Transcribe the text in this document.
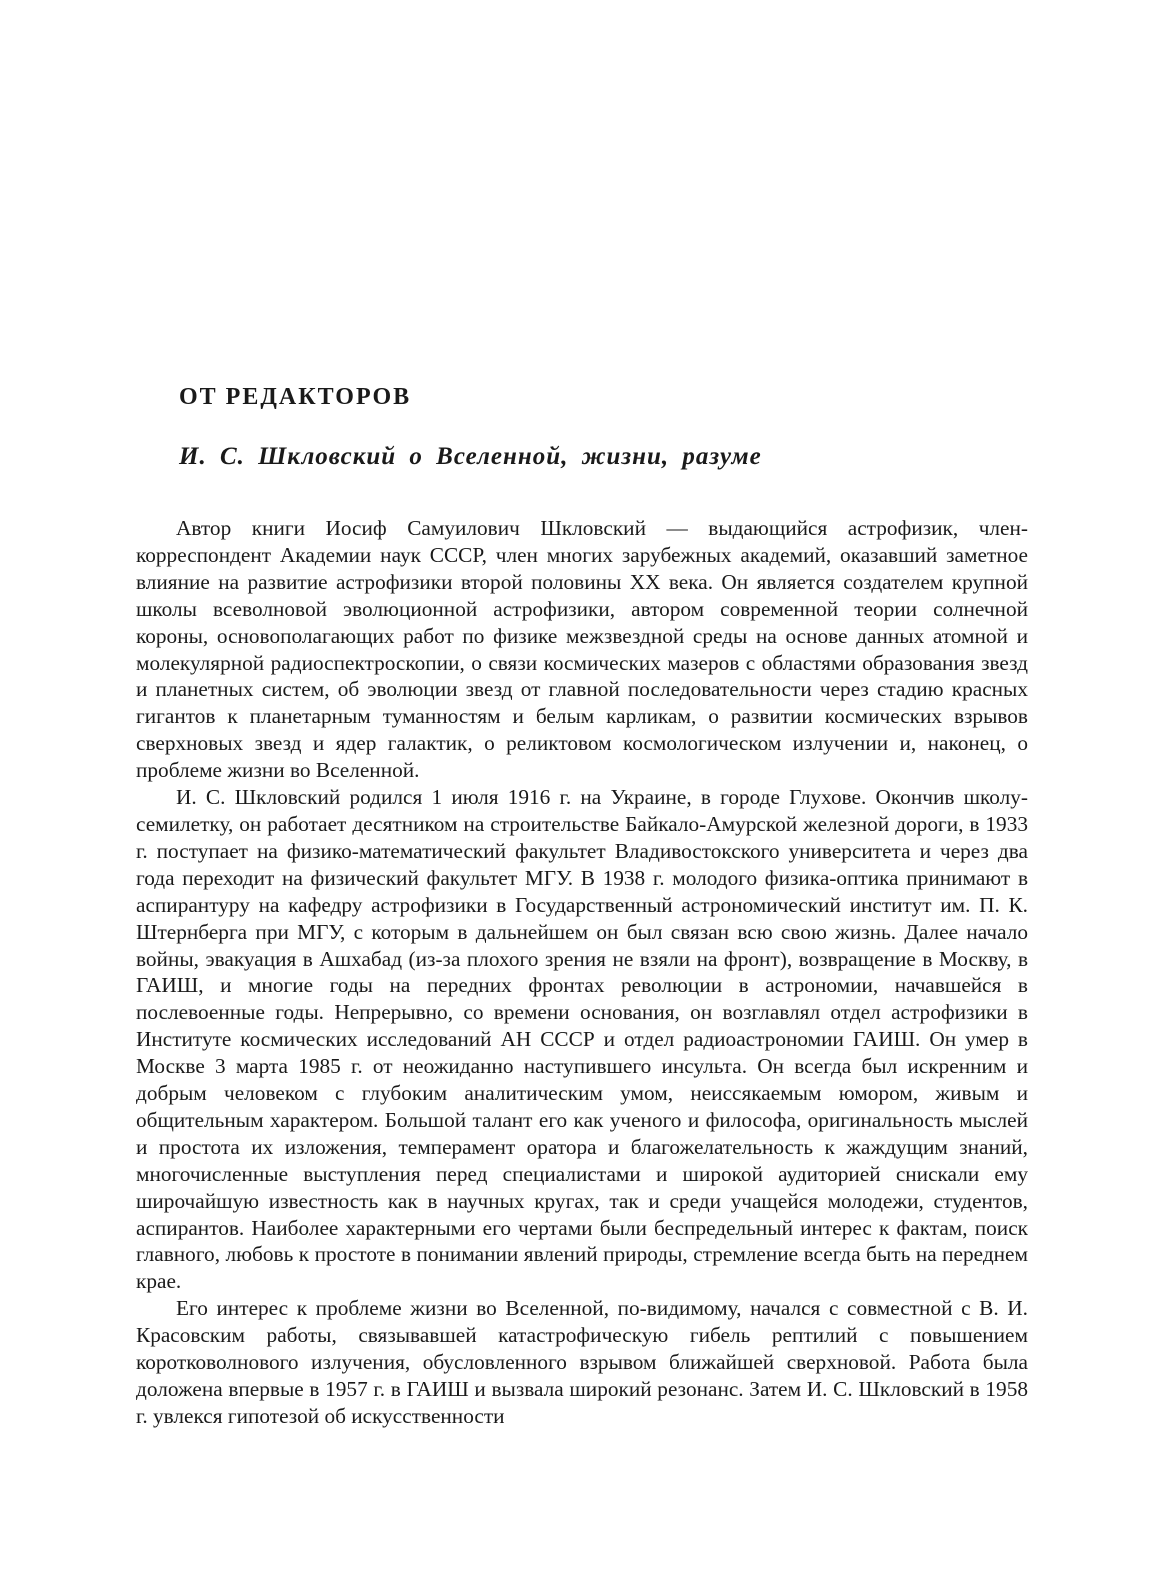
ОТ РЕДАКТОРОВ
И. С. Шкловский о Вселенной, жизни, разуме

Автор книги Иосиф Самуилович Шкловский — выдающийся астрофизик, член-корреспондент Академии наук СССР, член многих зарубежных академий, оказавший заметное влияние на развитие астрофизики второй половины XX века. Он является создателем крупной школы всеволновой эволюционной астрофизики, автором современной теории солнечной короны, основополагающих работ по физике межзвездной среды на основе данных атомной и молекулярной радиоспектроскопии, о связи космических мазеров с областями образования звезд и планетных систем, об эволюции звезд от главной последовательности через стадию красных гигантов к планетарным туманностям и белым карликам, о развитии космических взрывов сверхновых звезд и ядер галактик, о реликтовом космологическом излучении и, наконец, о проблеме жизни во Вселенной.

И. С. Шкловский родился 1 июля 1916 г. на Украине, в городе Глухове. Окончив школу-семилетку, он работает десятником на строительстве Байкало-Амурской железной дороги, в 1933 г. поступает на физико-математический факультет Владивостокского университета и через два года переходит на физический факультет МГУ. В 1938 г. молодого физика-оптика принимают в аспирантуру на кафедру астрофизики в Государственный астрономический институт им. П. К. Штернберга при МГУ, с которым в дальнейшем он был связан всю свою жизнь. Далее начало войны, эвакуация в Ашхабад (из-за плохого зрения не взяли на фронт), возвращение в Москву, в ГАИШ, и многие годы на передних фронтах революции в астрономии, начавшейся в послевоенные годы. Непрерывно, со времени основания, он возглавлял отдел астрофизики в Институте космических исследований АН СССР и отдел радиоастрономии ГАИШ. Он умер в Москве 3 марта 1985 г. от неожиданно наступившего инсульта. Он всегда был искренним и добрым человеком с глубоким аналитическим умом, неиссякаемым юмором, живым и общительным характером. Большой талант его как ученого и философа, оригинальность мыслей и простота их изложения, темперамент оратора и благожелательность к жаждущим знаний, многочисленные выступления перед специалистами и широкой аудиторией снискали ему широчайшую известность как в научных кругах, так и среди учащейся молодежи, студентов, аспирантов. Наиболее характерными его чертами были беспредельный интерес к фактам, поиск главного, любовь к простоте в понимании явлений природы, стремление всегда быть на переднем крае.

Его интерес к проблеме жизни во Вселенной, по-видимому, начался с совместной с В. И. Красовским работы, связывавшей катастрофическую гибель рептилий с повышением коротковолнового излучения, обусловленного взрывом ближайшей сверхновой. Работа была доложена впервые в 1957 г. в ГАИШ и вызвала широкий резонанс. Затем И. С. Шкловский в 1958 г. увлекся гипотезой об искусственности
